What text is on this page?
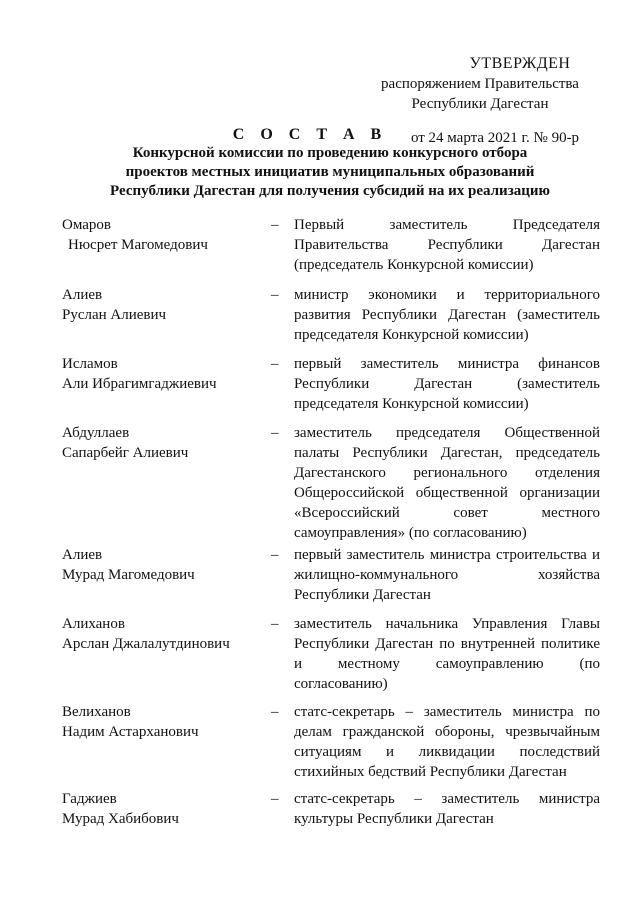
УТВЕРЖДЕН
распоряжением Правительства
Республики Дагестан
от 24 марта 2021 г. № 90-р
С О С Т А В
Конкурсной комиссии по проведению конкурсного отбора
проектов местных инициатив муниципальных образований
Республики Дагестан для получения субсидий на их реализацию
Омаров
Нюсрет Магомедович
– Первый заместитель Председателя Правительства Республики Дагестан (председатель Конкурсной комиссии)
Алиев
Руслан Алиевич
– министр экономики и территориального развития Республики Дагестан (заместитель председателя Конкурсной комиссии)
Исламов
Али Ибрагимгаджиевич
– первый заместитель министра финансов Республики Дагестан (заместитель председателя Конкурсной комиссии)
Абдуллаев
Сапарбейг Алиевич
– заместитель председателя Общественной палаты Республики Дагестан, председатель Дагестанского регионального отделения Общероссийской общественной организации «Всероссийский совет местного самоуправления» (по согласованию)
Алиев
Мурад Магомедович
– первый заместитель министра строительства и жилищно-коммунального хозяйства Республики Дагестан
Алиханов
Арслан Джалалутдинович
– заместитель начальника Управления Главы Республики Дагестан по внутренней политике и местному самоуправлению (по согласованию)
Велиханов
Надим Астарханович
– статс-секретарь – заместитель министра по делам гражданской обороны, чрезвычайным ситуациям и ликвидации последствий стихийных бедствий Республики Дагестан
Гаджиев
Мурад Хабибович
– статс-секретарь – заместитель министра культуры Республики Дагестан
